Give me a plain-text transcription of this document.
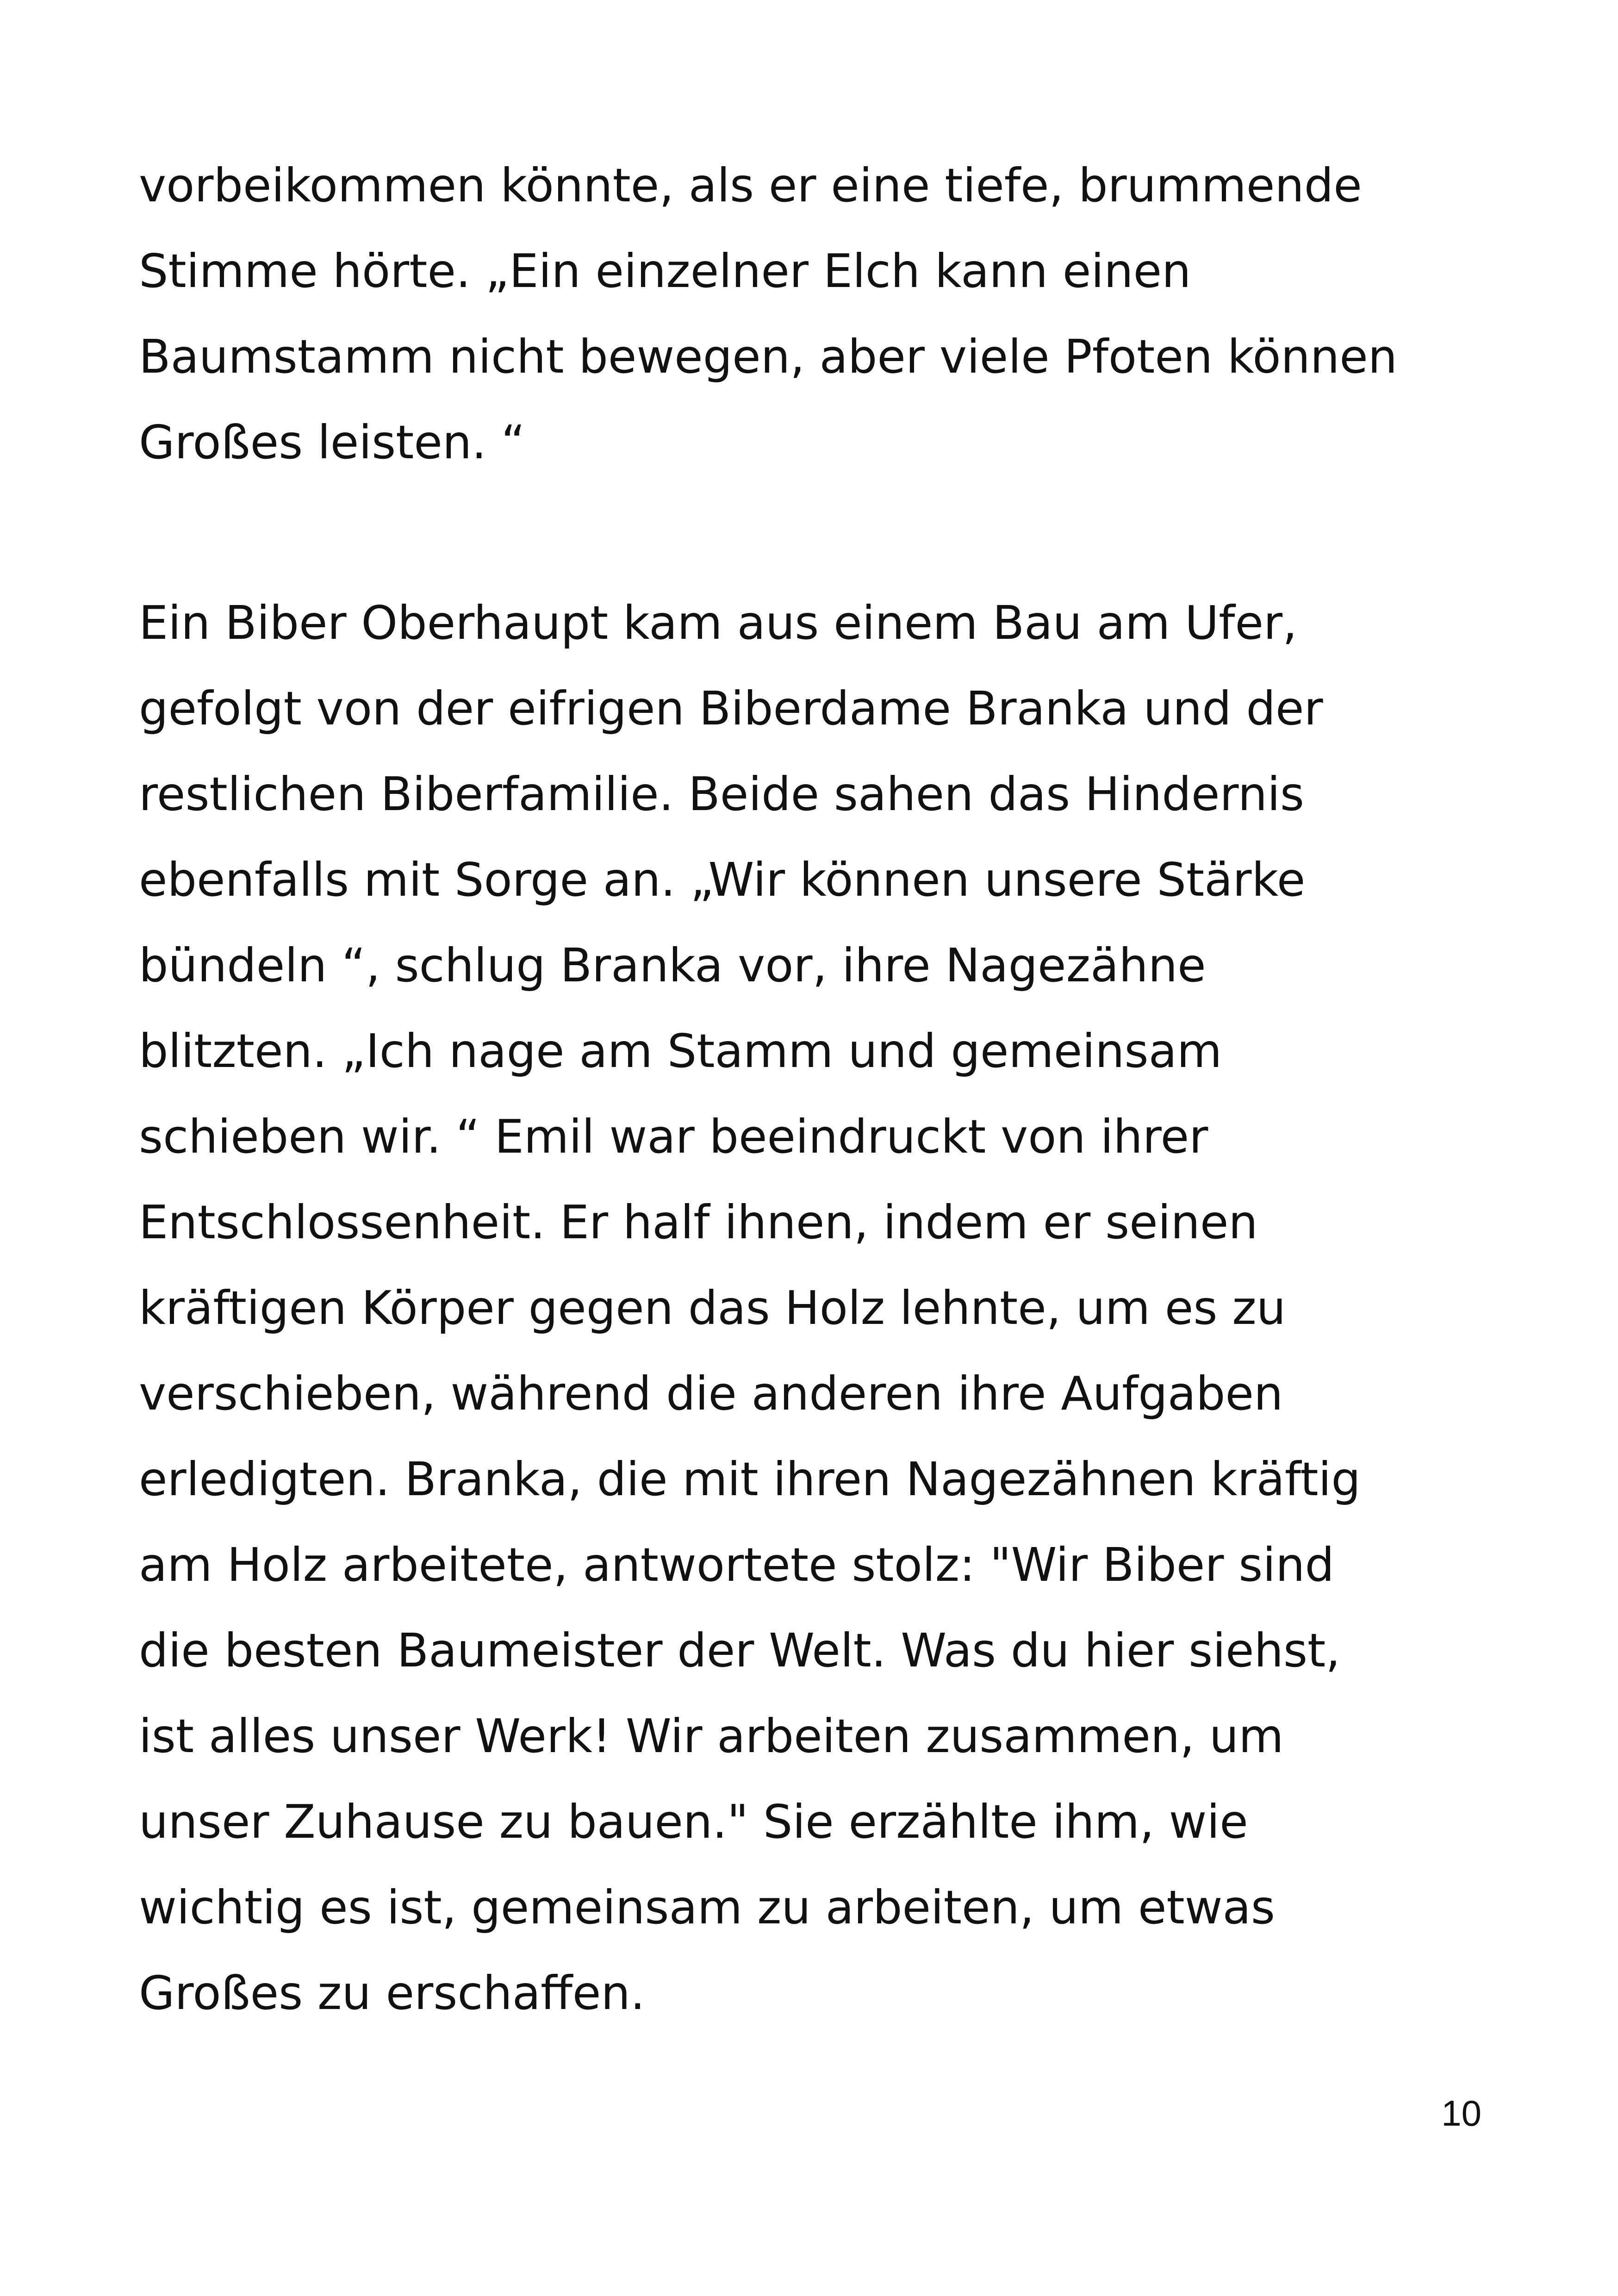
vorbeikommen könnte, als er eine tiefe, brummende
Stimme hörte. „Ein einzelner Elch kann einen
Baumstamm nicht bewegen, aber viele Pfoten können
Großes leisten. “
Ein Biber Oberhaupt kam aus einem Bau am Ufer,
gefolgt von der eifrigen Biberdame Branka und der
restlichen Biberfamilie. Beide sahen das Hindernis
ebenfalls mit Sorge an. „Wir können unsere Stärke
bündeln “, schlug Branka vor, ihre Nagezähne
blitzten. „Ich nage am Stamm und gemeinsam
schieben wir. “ Emil war beeindruckt von ihrer
Entschlossenheit. Er half ihnen, indem er seinen
kräftigen Körper gegen das Holz lehnte, um es zu
verschieben, während die anderen ihre Aufgaben
erledigten. Branka, die mit ihren Nagezähnen kräftig
am Holz arbeitete, antwortete stolz: "Wir Biber sind
die besten Baumeister der Welt. Was du hier siehst,
ist alles unser Werk! Wir arbeiten zusammen, um
unser Zuhause zu bauen." Sie erzählte ihm, wie
wichtig es ist, gemeinsam zu arbeiten, um etwas
Großes zu erschaffen.
10
